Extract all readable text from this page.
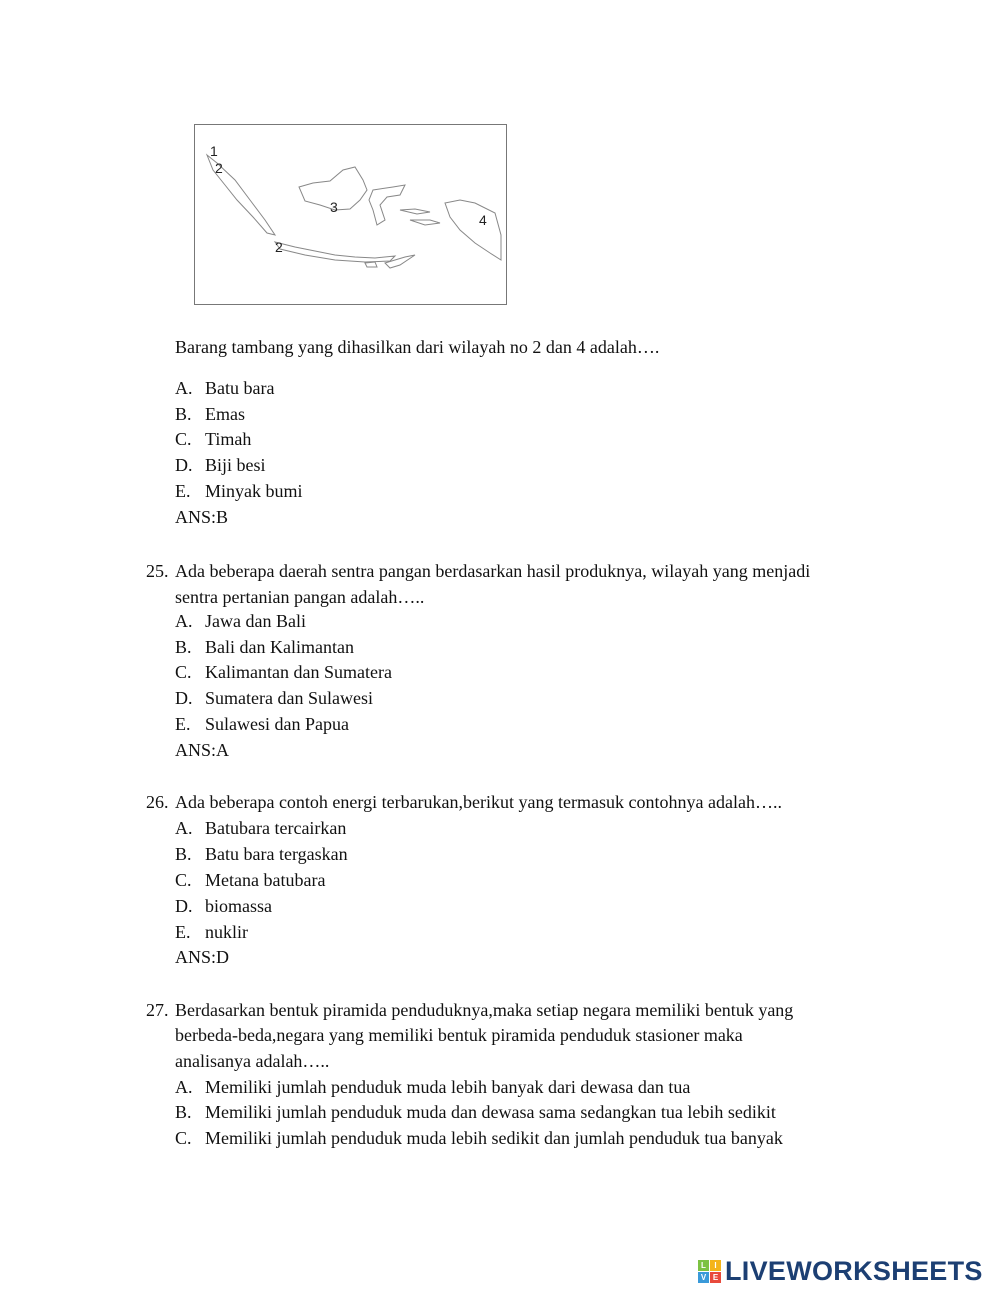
1
2
3
4
2
Barang tambang yang dihasilkan dari wilayah no 2 dan 4 adalah….
A. Batu bara
B. Emas
C. Timah
D. Biji besi
E. Minyak bumi
ANS:B
25. Ada beberapa daerah sentra pangan berdasarkan hasil produknya, wilayah yang menjadi
sentra pertanian pangan adalah…..
A. Jawa dan Bali
B. Bali dan Kalimantan
C. Kalimantan dan Sumatera
D. Sumatera dan Sulawesi
E. Sulawesi dan Papua
ANS:A
26. Ada beberapa contoh energi terbarukan,berikut yang termasuk contohnya adalah…..
A. Batubara tercairkan
B. Batu bara tergaskan
C. Metana batubara
D. biomassa
E. nuklir
ANS:D
27. Berdasarkan bentuk piramida penduduknya,maka setiap negara memiliki bentuk yang
berbeda-beda,negara yang memiliki bentuk piramida penduduk stasioner maka
analisanya adalah…..
A. Memiliki jumlah penduduk muda lebih banyak dari dewasa dan tua
B. Memiliki jumlah penduduk muda dan dewasa sama sedangkan tua lebih sedikit
C. Memiliki jumlah penduduk muda lebih sedikit dan jumlah penduduk tua banyak
L	I
V E LIVEWORKSHEETS
